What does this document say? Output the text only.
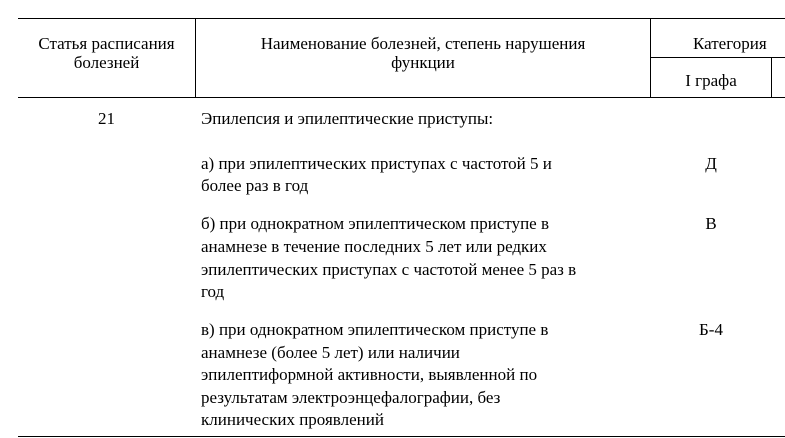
Статья расписания
болезней
Наименование болезней, степень нарушения
функции
Категория
I графа
21	Эпилепсия и эпилептические приступы:
а) при эпилептических приступах с частотой 5 и
более раз в год
Д
б) при однократном эпилептическом приступе в
анамнезе в течение последних 5 лет или редких
эпилептических приступах с частотой менее 5 раз в
год
В
в) при однократном эпилептическом приступе в
анамнезе (более 5 лет) или наличии
эпилептиформной активности, выявленной по
результатам электроэнцефалографии, без
клинических проявлений
Б-4
